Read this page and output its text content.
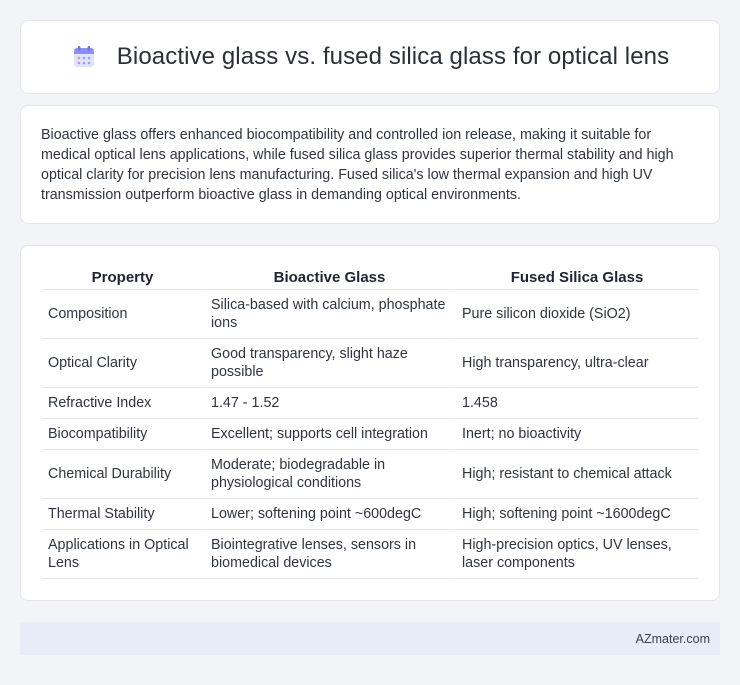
Bioactive glass vs. fused silica glass for optical lens

Bioactive glass offers enhanced biocompatibility and controlled ion release, making it suitable for medical optical lens applications, while fused silica glass provides superior thermal stability and high optical clarity for precision lens manufacturing. Fused silica's low thermal expansion and high UV transmission outperform bioactive glass in demanding optical environments.

Property	Bioactive Glass	Fused Silica Glass
Composition	Silica-based with calcium, phosphate ions	Pure silicon dioxide (SiO2)
Optical Clarity	Good transparency, slight haze possible	High transparency, ultra-clear
Refractive Index	1.47 - 1.52	1.458
Biocompatibility	Excellent; supports cell integration	Inert; no bioactivity
Chemical Durability	Moderate; biodegradable in physiological conditions	High; resistant to chemical attack
Thermal Stability	Lower; softening point ~600degC	High; softening point ~1600degC
Applications in Optical Lens	Biointegrative lenses, sensors in biomedical devices	High-precision optics, UV lenses, laser components
AZmater.com
